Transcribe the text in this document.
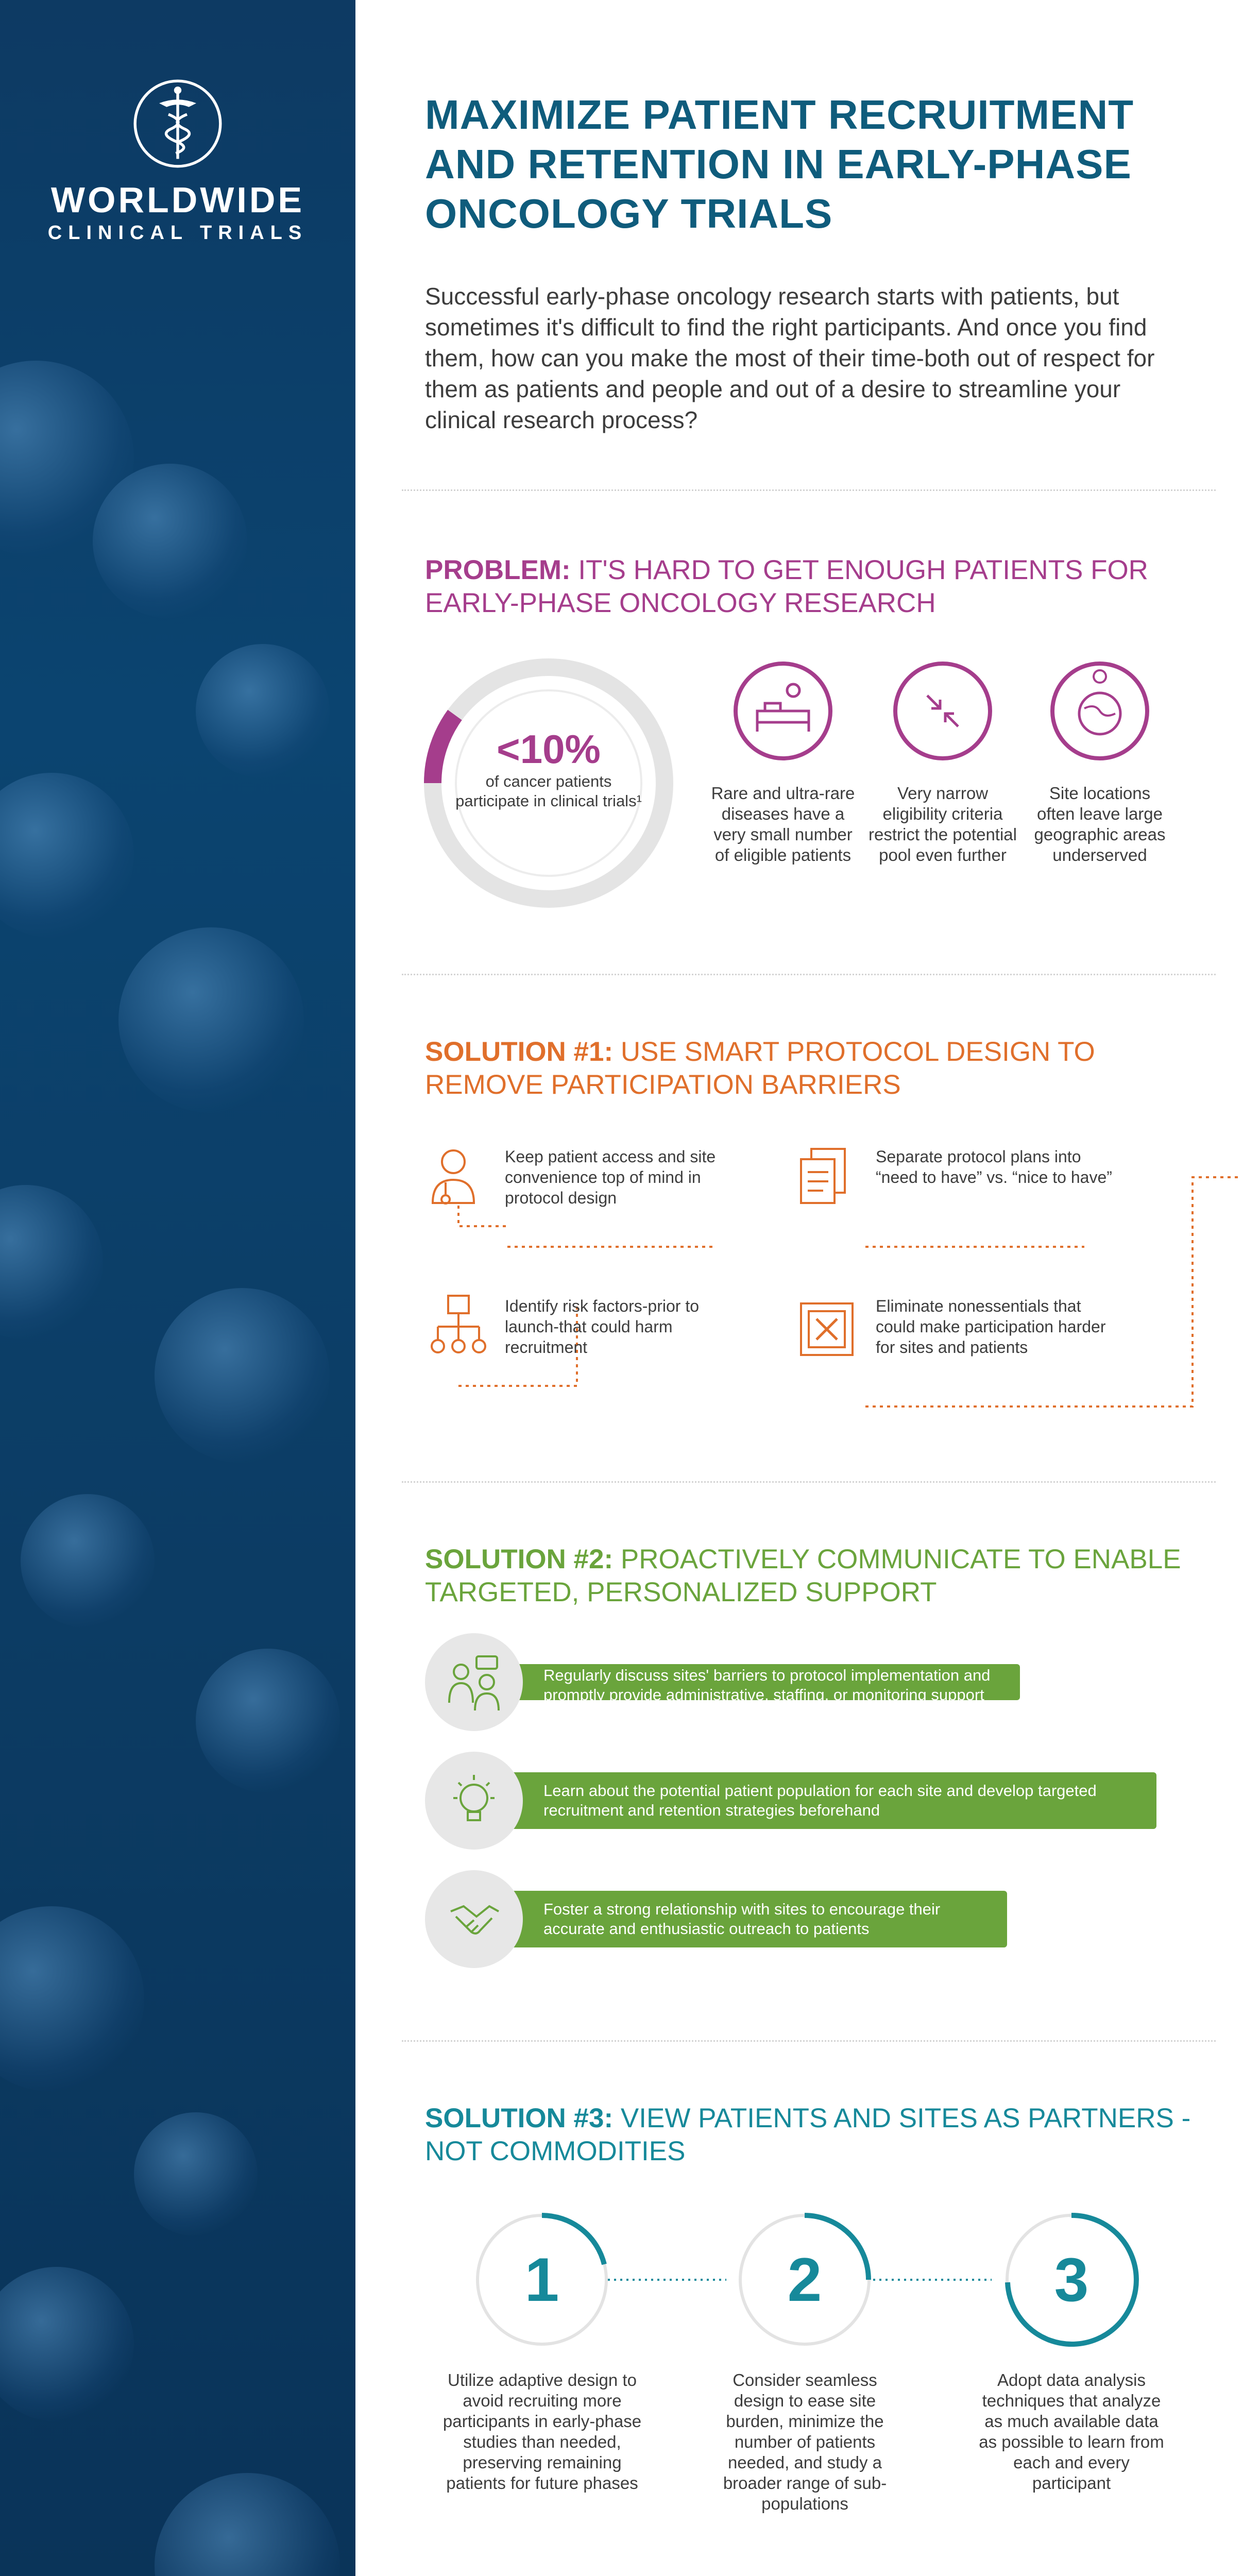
WORLDWIDE
CLINICAL TRIALS
MAXIMIZE PATIENT RECRUITMENT AND RETENTION IN EARLY-PHASE ONCOLOGY TRIALS
Successful early-phase oncology research starts with patients, but sometimes it's difficult to find the right participants. And once you find them, how can you make the most of their time-both out of respect for them as patients and people and out of a desire to streamline your clinical research process?
PROBLEM: IT'S HARD TO GET ENOUGH PATIENTS FOR EARLY-PHASE ONCOLOGY RESEARCH
<10%
of cancer patients participate in clinical trials¹	Rare and ultra-rare diseases have a very small number of eligible patients
Very narrow eligibility criteria restrict the potential pool even further
Site locations often leave large geographic areas underserved
SOLUTION #1: USE SMART PROTOCOL DESIGN TO REMOVE PARTICIPATION BARRIERS
Keep patient access and site convenience top of mind in protocol design
Separate protocol plans into “need to have” vs. “nice to have”
Identify risk factors-prior to launch-that could harm recruitment
Eliminate nonessentials that could make participation harder for sites and patients
SOLUTION #2: PROACTIVELY COMMUNICATE TO ENABLE TARGETED, PERSONALIZED SUPPORT
Regularly discuss sites' barriers to protocol implementation and promptly provide administrative, staffing, or monitoring support
Learn about the potential patient population for each site and develop targeted recruitment and retention strategies beforehand
Foster a strong relationship with sites to encourage their accurate and enthusiastic outreach to patients
SOLUTION #3: VIEW PATIENTS AND SITES AS PARTNERS - NOT COMMODITIES
1	2	3
Utilize adaptive design to avoid recruiting more participants in early-phase studies than needed, preserving remaining patients for future phases
Consider seamless design to ease site burden, minimize the number of patients needed, and study a broader range of sub-populations
Adopt data analysis techniques that analyze as much available data as possible to learn from each and every participant
